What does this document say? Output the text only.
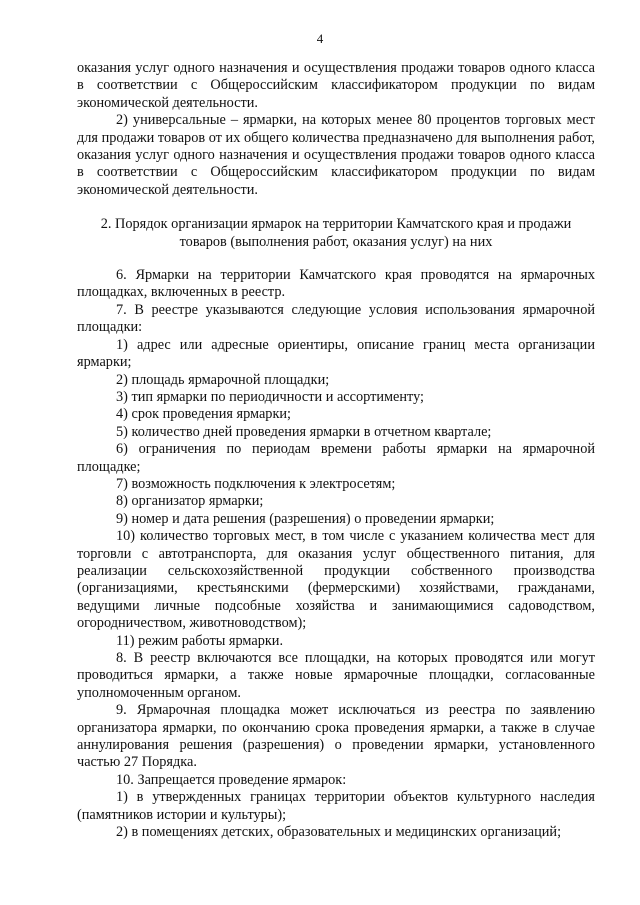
4

оказания услуг одного назначения и осуществления продажи товаров одного класса в соответствии с Общероссийским классификатором продукции по видам экономической деятельности.

2) универсальные – ярмарки, на которых менее 80 процентов торговых мест для продажи товаров от их общего количества предназначено для выполнения работ, оказания услуг одного назначения и осуществления продажи товаров одного класса в соответствии с Общероссийским классификатором продукции по видам экономической деятельности.

2. Порядок организации ярмарок на территории Камчатского края и продажи
товаров (выполнения работ, оказания услуг) на них

6. Ярмарки на территории Камчатского края проводятся на ярмарочных площадках, включенных в реестр.

7. В реестре указываются следующие условия использования ярмарочной площадки:

1) адрес или адресные ориентиры, описание границ места организации ярмарки;

2) площадь ярмарочной площадки;

3) тип ярмарки по периодичности и ассортименту;

4) срок проведения ярмарки;

5) количество дней проведения ярмарки в отчетном квартале;

6) ограничения по периодам времени работы ярмарки на ярмарочной площадке;

7) возможность подключения к электросетям;

8) организатор ярмарки;

9) номер и дата решения (разрешения) о проведении ярмарки;

10) количество торговых мест, в том числе с указанием количества мест для торговли с автотранспорта, для оказания услуг общественного питания, для реализации сельскохозяйственной продукции собственного производства (организациями, крестьянскими (фермерскими) хозяйствами, гражданами, ведущими личные подсобные хозяйства и занимающимися садоводством, огородничеством, животноводством);

11) режим работы ярмарки.

8. В реестр включаются все площадки, на которых проводятся или могут проводиться ярмарки, а также новые ярмарочные площадки, согласованные уполномоченным органом.

9. Ярмарочная площадка может исключаться из реестра по заявлению организатора ярмарки, по окончанию срока проведения ярмарки, а также в случае аннулирования решения (разрешения) о проведении ярмарки, установленного частью 27 Порядка.

10. Запрещается проведение ярмарок:

1) в утвержденных границах территории объектов культурного наследия (памятников истории и культуры);

2) в помещениях детских, образовательных и медицинских организаций;
